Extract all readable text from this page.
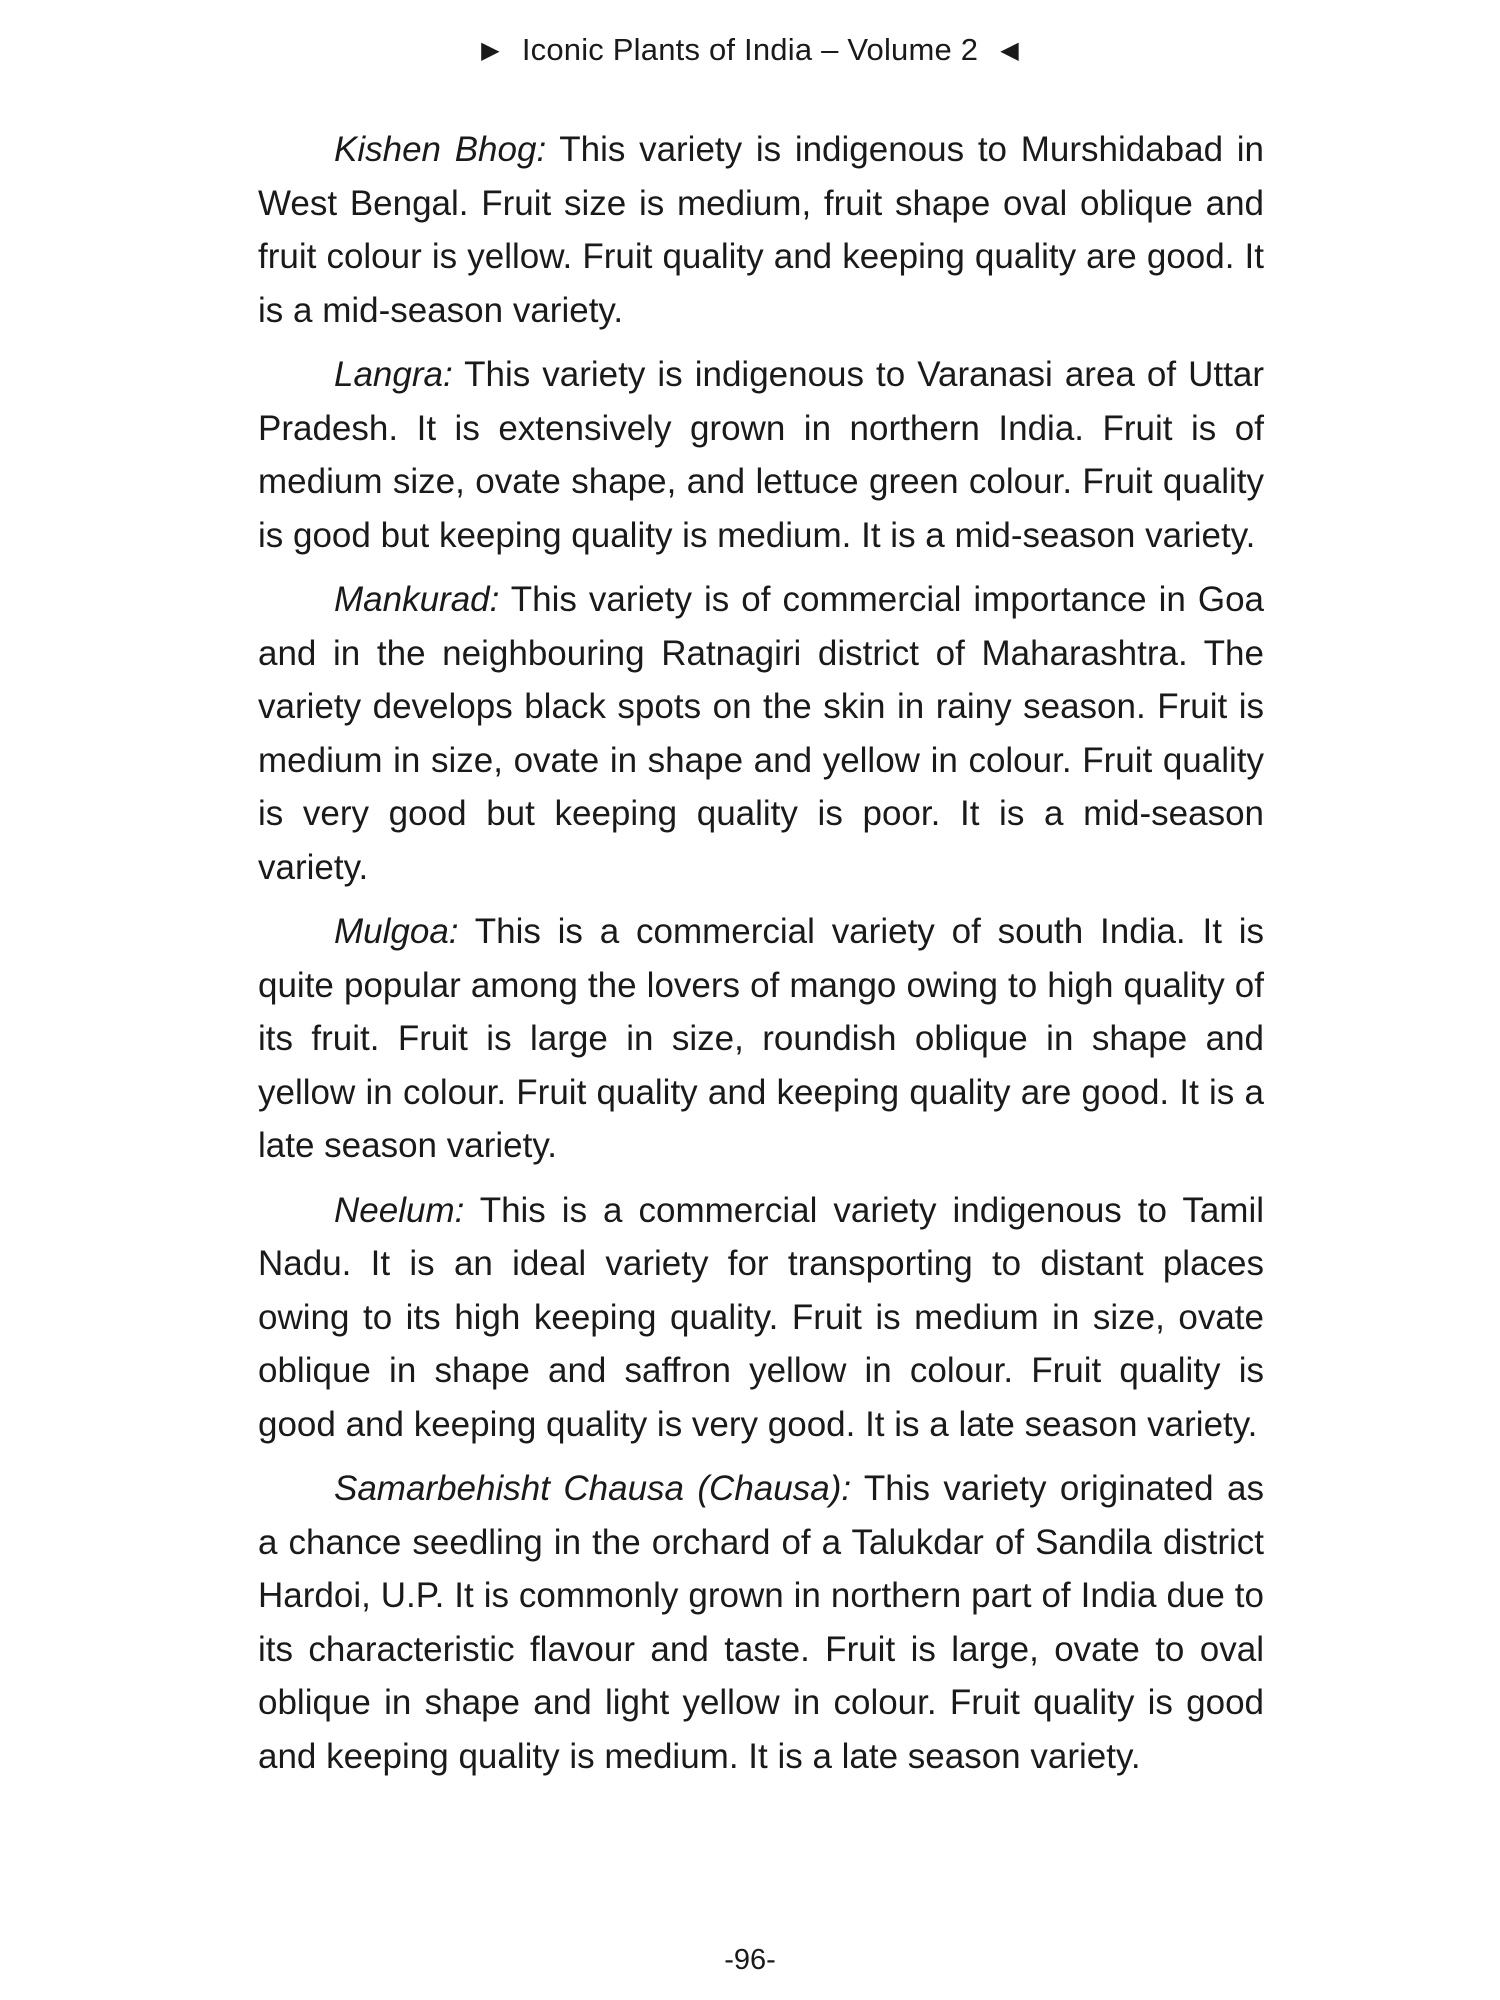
▶ Iconic Plants of India – Volume 2 ◀

Kishen Bhog: This variety is indigenous to Murshidabad in West Bengal. Fruit size is medium, fruit shape oval oblique and fruit colour is yellow. Fruit quality and keeping quality are good. It is a mid-season variety.

Langra: This variety is indigenous to Varanasi area of Uttar Pradesh. It is extensively grown in northern India. Fruit is of medium size, ovate shape, and lettuce green colour. Fruit quality is good but keeping quality is medium. It is a mid-season variety.

Mankurad: This variety is of commercial importance in Goa and in the neighbouring Ratnagiri district of Maharashtra. The variety develops black spots on the skin in rainy season. Fruit is medium in size, ovate in shape and yellow in colour. Fruit quality is very good but keeping quality is poor. It is a mid-season variety.

Mulgoa: This is a commercial variety of south India. It is quite popular among the lovers of mango owing to high quality of its fruit. Fruit is large in size, roundish oblique in shape and yellow in colour. Fruit quality and keeping quality are good. It is a late season variety.

Neelum: This is a commercial variety indigenous to Tamil Nadu. It is an ideal variety for transporting to distant places owing to its high keeping quality. Fruit is medium in size, ovate oblique in shape and saffron yellow in colour. Fruit quality is good and keeping quality is very good. It is a late season variety.

Samarbehisht Chausa (Chausa): This variety originated as a chance seedling in the orchard of a Talukdar of Sandila district Hardoi, U.P. It is commonly grown in northern part of India due to its characteristic flavour and taste. Fruit is large, ovate to oval oblique in shape and light yellow in colour. Fruit quality is good and keeping quality is medium. It is a late season variety.

-96-
